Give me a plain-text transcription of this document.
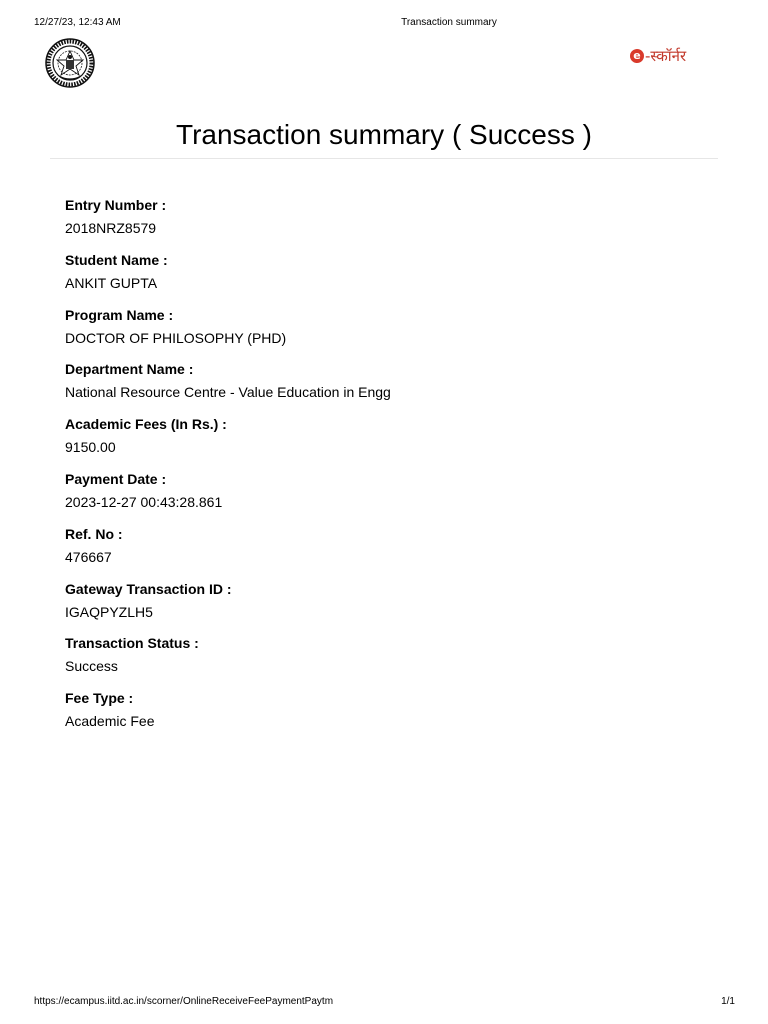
12/27/23, 12:43 AM	Transaction summary
e -स्कॉर्नर
Transaction summary ( Success )
Entry Number :
2018NRZ8579
Student Name :
ANKIT GUPTA
Program Name :
DOCTOR OF PHILOSOPHY (PHD)
Department Name :
National Resource Centre - Value Education in Engg
Academic Fees (In Rs.) :
9150.00
Payment Date :
2023-12-27 00:43:28.861
Ref. No :
476667
Gateway Transaction ID :
IGAQPYZLH5
Transaction Status :
Success
Fee Type :
Academic Fee
https://ecampus.iitd.ac.in/scorner/OnlineReceiveFeePaymentPaytm	1/1
